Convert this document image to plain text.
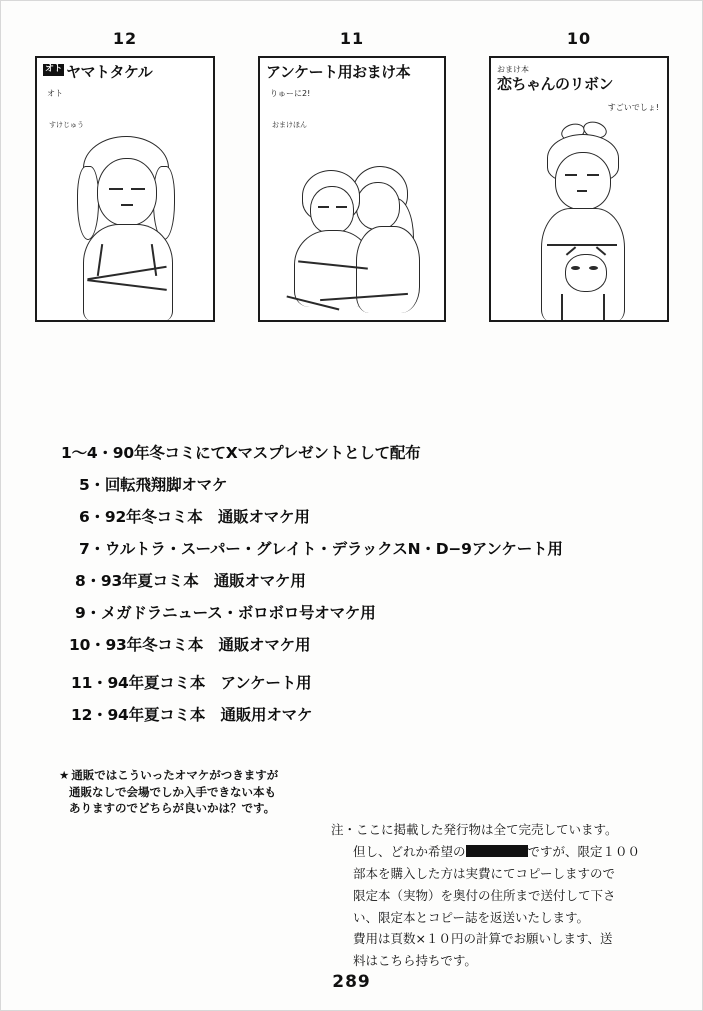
12
オト ヤマトタケル
オト
すけじゅう
11
アンケート用おまけ本
りゅーに2!
おまけほん
10
おまけ本
恋ちゃんのリボン
すごいでしょ!
1〜4・90年冬コミにてXマスプレゼントとして配布
5・回転飛翔脚オマケ
6・92年冬コミ本　通販オマケ用
7・ウルトラ・スーパー・グレイト・デラックスN・D−9アンケート用
8・93年夏コミ本　通販オマケ用
9・メガドラニュース・ボロボロ号オマケ用
10・93年冬コミ本　通販オマケ用
11・94年夏コミ本　アンケート用
12・94年夏コミ本　通販用オマケ
★ 通販ではこういったオマケがつきますが
通販なしで会場でしか入手できない本も
ありますのでどちらが良いかは？です。
注・ここに掲載した発行物は全て完売しています。
但し、どれか希望の	ですが、限定１００
部本を購入した方は実費にてコピーしますので
限定本（実物）を奥付の住所まで送付して下さ
い、限定本とコピー誌を返送いたします。
費用は頁数×１０円の計算でお願いします、送
料はこちら持ちです。
289
